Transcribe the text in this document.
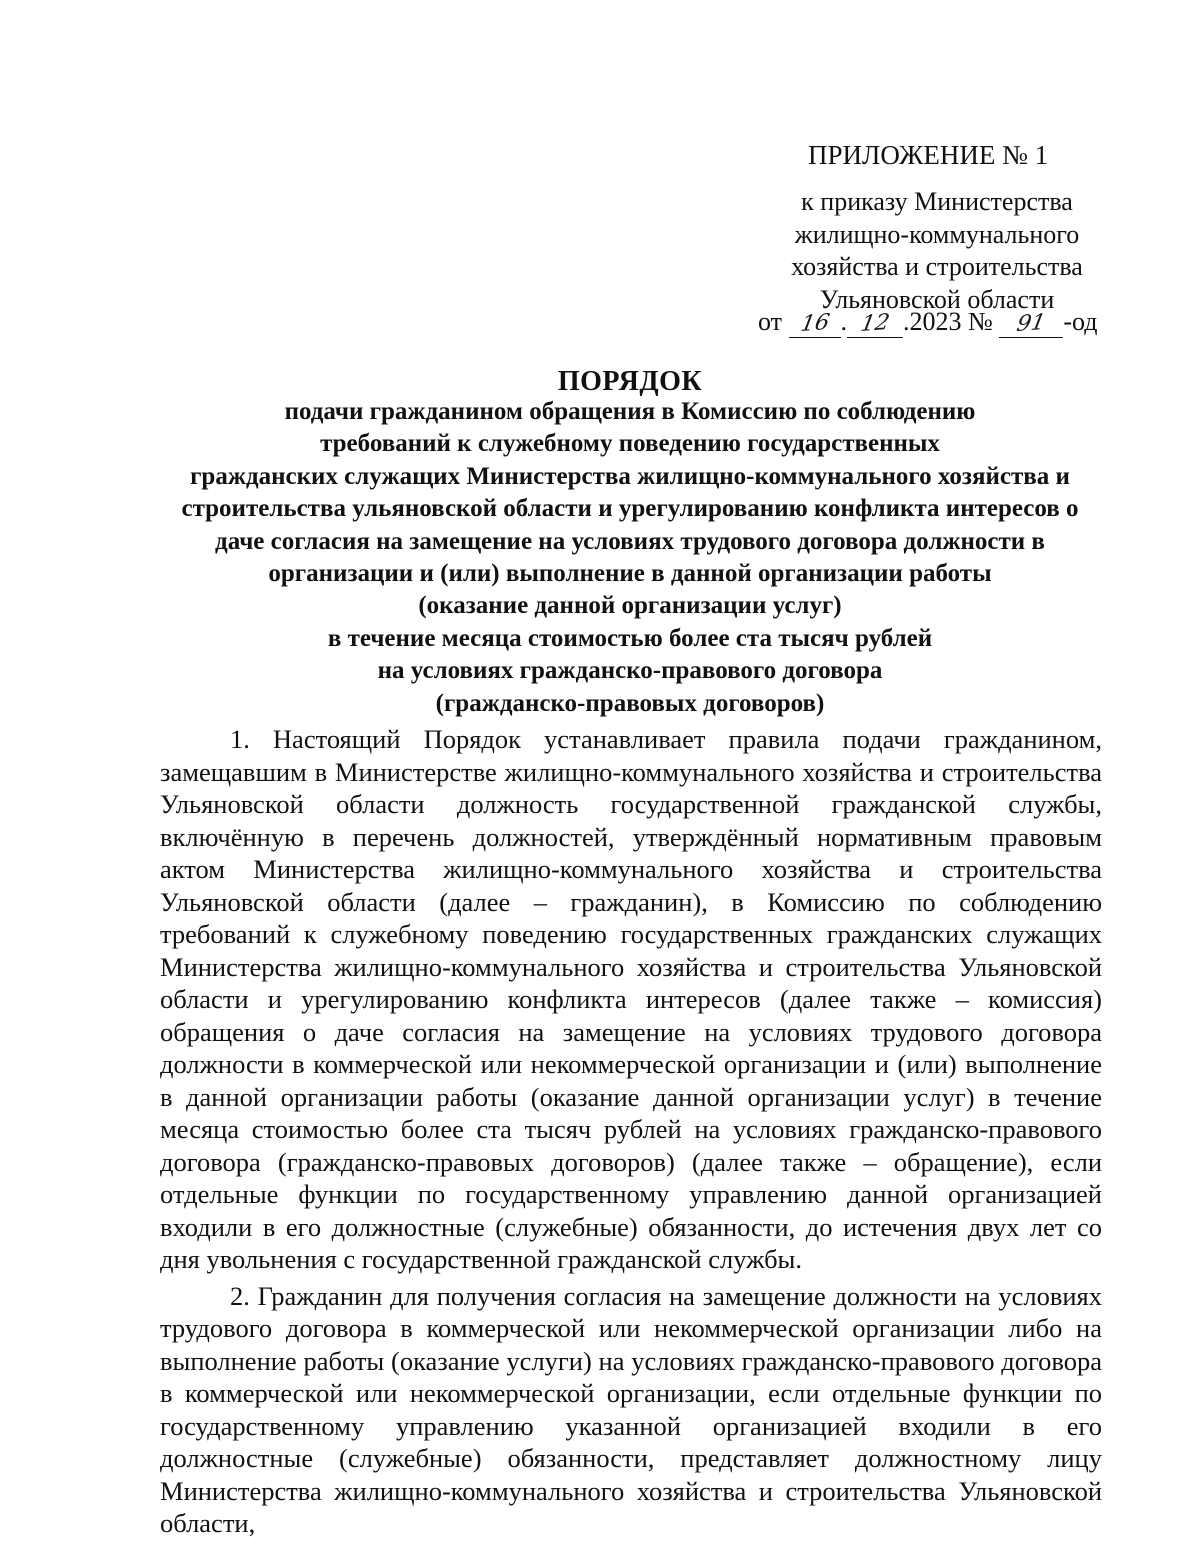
ПРИЛОЖЕНИЕ № 1
к приказу Министерства
жилищно-коммунального
хозяйства и строительства
Ульяновской области
от 16 . 12 .2023 № 91 -од
ПОРЯДОК
подачи гражданином обращения в Комиссию по соблюдению
требований к служебному поведению государственных
гражданских служащих Министерства жилищно-коммунального хозяйства и
строительства ульяновской области и урегулированию конфликта интересов о
даче согласия на замещение на условиях трудового договора должности в
организации и (или) выполнение в данной организации работы
(оказание данной организации услуг)
в течение месяца стоимостью более ста тысяч рублей
на условиях гражданско-правового договора
(гражданско-правовых договоров)

1. Настоящий Порядок устанавливает правила подачи гражданином, замещавшим в Министерстве жилищно-коммунального хозяйства и строительства Ульяновской области должность государственной гражданской службы, включённую в перечень должностей, утверждённый нормативным правовым актом Министерства жилищно-коммунального хозяйства и строительства Ульяновской области (далее – гражданин), в Комиссию по соблюдению требований к служебному поведению государственных гражданских служащих Министерства жилищно-коммунального хозяйства и строительства Ульяновской области и урегулированию конфликта интересов (далее также – комиссия) обращения о даче согласия на замещение на условиях трудового договора должности в коммерческой или некоммерческой организации и (или) выполнение в данной организации работы (оказание данной организации услуг) в течение месяца стоимостью более ста тысяч рублей на условиях гражданско-правового договора (гражданско-правовых договоров) (далее также – обращение), если отдельные функции по государственному управлению данной организацией входили в его должностные (служебные) обязанности, до истечения двух лет со дня увольнения с государственной гражданской службы.

2. Гражданин для получения согласия на замещение должности на условиях трудового договора в коммерческой или некоммерческой организации либо на выполнение работы (оказание услуги) на условиях гражданско-правового договора в коммерческой или некоммерческой организации, если отдельные функции по государственному управлению указанной организацией входили в его должностные (служебные) обязанности, представляет должностному лицу Министерства жилищно-коммунального хозяйства и строительства Ульяновской области,
